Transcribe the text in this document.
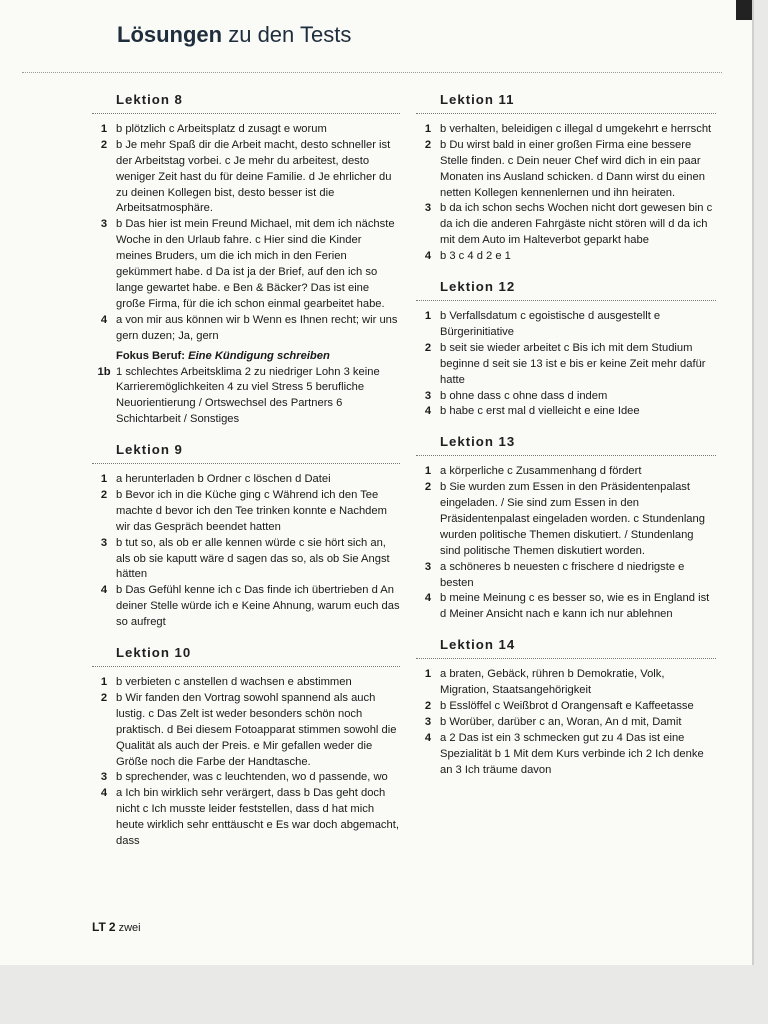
Lösungen zu den Tests
Lektion 8
1 b plötzlich c Arbeitsplatz d zusagt e worum
2 b Je mehr Spaß dir die Arbeit macht, desto schneller ist der Arbeitstag vorbei. c Je mehr du arbeitest, desto weniger Zeit hast du für deine Familie. d Je ehrlicher du zu deinen Kollegen bist, desto besser ist die Arbeitsatmosphäre.
3 b Das hier ist mein Freund Michael, mit dem ich nächste Woche in den Urlaub fahre. c Hier sind die Kinder meines Bruders, um die ich mich in den Ferien gekümmert habe. d Da ist ja der Brief, auf den ich so lange gewartet habe. e Ben & Bäcker? Das ist eine große Firma, für die ich schon einmal gearbeitet habe.
4 a von mir aus können wir b Wenn es Ihnen recht; wir uns gern duzen; Ja, gern
Fokus Beruf: Eine Kündigung schreiben
1b 1 schlechtes Arbeitsklima 2 zu niedriger Lohn 3 keine Karrieremöglichkeiten 4 zu viel Stress 5 berufliche Neuorientierung / Ortswechsel des Partners 6 Schichtarbeit / Sonstiges
Lektion 9
1 a herunterladen b Ordner c löschen d Datei
2 b Bevor ich in die Küche ging c Während ich den Tee machte d bevor ich den Tee trinken konnte e Nachdem wir das Gespräch beendet hatten
3 b tut so, als ob er alle kennen würde c sie hört sich an, als ob sie kaputt wäre d sagen das so, als ob Sie Angst hätten
4 b Das Gefühl kenne ich c Das finde ich übertrieben d An deiner Stelle würde ich e Keine Ahnung, warum euch das so aufregt
Lektion 10
1 b verbieten c anstellen d wachsen e abstimmen
2 b Wir fanden den Vortrag sowohl spannend als auch lustig. c Das Zelt ist weder besonders schön noch praktisch. d Bei diesem Fotoapparat stimmen sowohl die Qualität als auch der Preis. e Mir gefallen weder die Größe noch die Farbe der Handtasche.
3 b sprechender, was c leuchtenden, wo d passende, wo
4 a Ich bin wirklich sehr verärgert, dass b Das geht doch nicht c Ich musste leider feststellen, dass d hat mich heute wirklich sehr enttäuscht e Es war doch abgemacht, dass
Lektion 11
1 b verhalten, beleidigen c illegal d umgekehrt e herrscht
2 b Du wirst bald in einer großen Firma eine bessere Stelle finden. c Dein neuer Chef wird dich in ein paar Monaten ins Ausland schicken. d Dann wirst du einen netten Kollegen kennenlernen und ihn heiraten.
3 b da ich schon sechs Wochen nicht dort gewesen bin c da ich die anderen Fahrgäste nicht stören will d da ich mit dem Auto im Halteverbot geparkt habe
4 b 3 c 4 d 2 e 1
Lektion 12
1 b Verfallsdatum c egoistische d ausgestellt e Bürgerinitiative
2 b seit sie wieder arbeitet c Bis ich mit dem Studium beginne d seit sie 13 ist e bis er keine Zeit mehr dafür hatte
3 b ohne dass c ohne dass d indem
4 b habe c erst mal d vielleicht e eine Idee
Lektion 13
1 a körperliche c Zusammenhang d fördert
2 b Sie wurden zum Essen in den Präsidentenpalast eingeladen. / Sie sind zum Essen in den Präsidentenpalast eingeladen worden. c Stundenlang wurden politische Themen diskutiert. / Stundenlang sind politische Themen diskutiert worden.
3 a schöneres b neuesten c frischere d niedrigste e besten
4 b meine Meinung c es besser so, wie es in England ist d Meiner Ansicht nach e kann ich nur ablehnen
Lektion 14
1 a braten, Gebäck, rühren b Demokratie, Volk, Migration, Staatsangehörigkeit
2 b Esslöffel c Weißbrot d Orangensaft e Kaffeetasse
3 b Worüber, darüber c an, Woran, An d mit, Damit
4 a 2 Das ist ein 3 schmecken gut zu 4 Das ist eine Spezialität b 1 Mit dem Kurs verbinde ich 2 Ich denke an 3 Ich träume davon
LT 2 zwei
